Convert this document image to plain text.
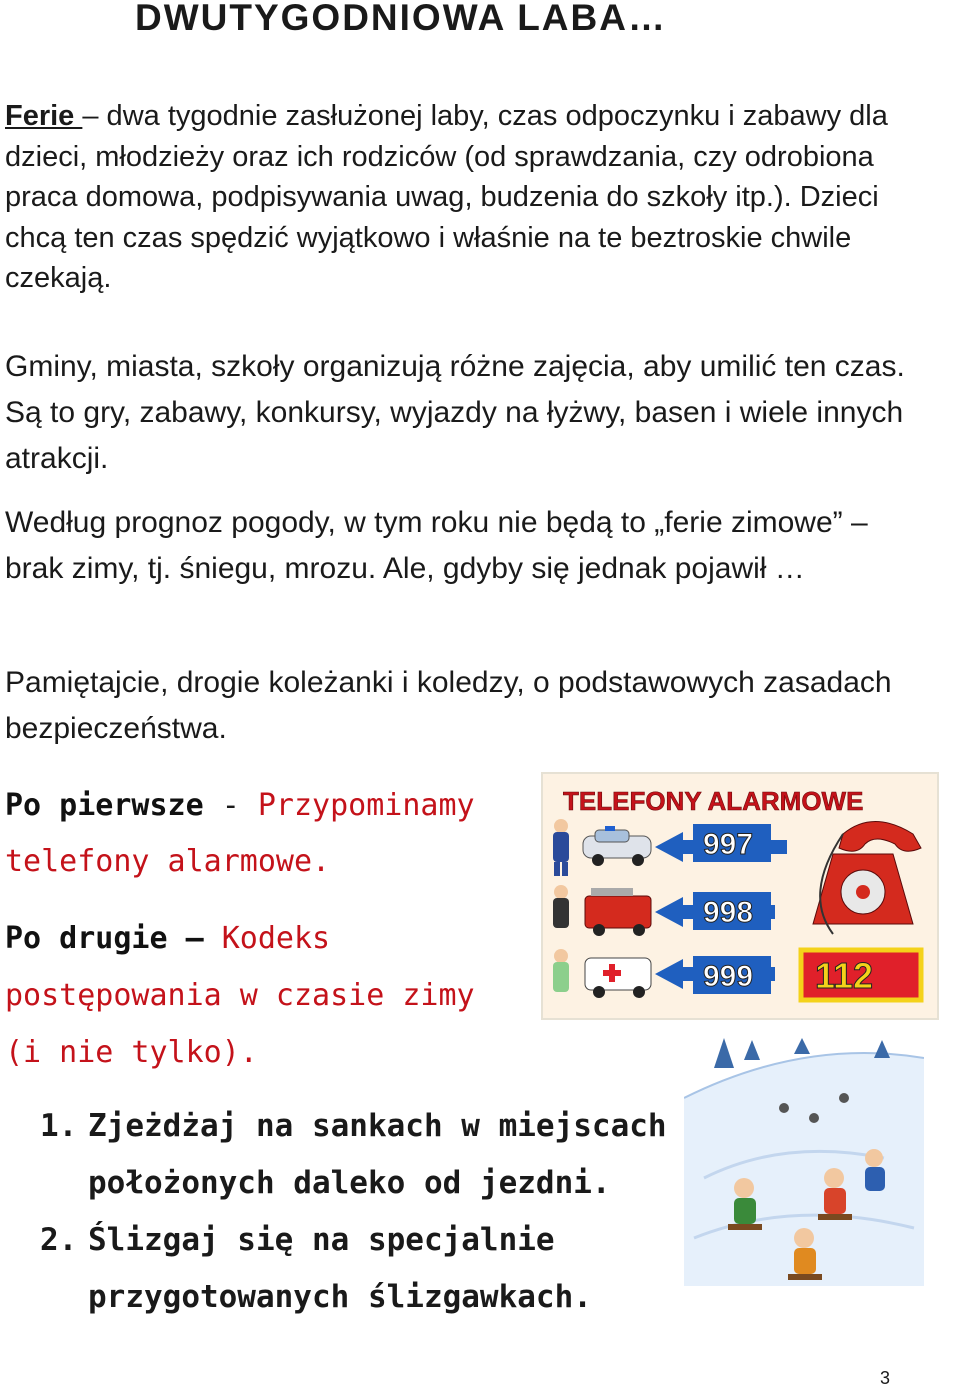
DWUTYGODNIOWA LABA…
Ferie – dwa tygodnie zasłużonej laby, czas odpoczynku i zabawy dla dzieci, młodzieży oraz ich rodziców (od sprawdzania, czy odrobiona praca domowa, podpisywania uwag, budzenia do szkoły itp.). Dzieci chcą ten czas spędzić wyjątkowo i właśnie na te beztroskie chwile czekają.
Gminy, miasta, szkoły organizują różne zajęcia, aby umilić ten czas. Są to gry, zabawy, konkursy, wyjazdy na łyżwy, basen i wiele innych atrakcji.
Według prognoz pogody, w tym roku nie będą to „ferie zimowe” – brak zimy, tj. śniegu, mrozu. Ale, gdyby się jednak pojawił …
Pamiętajcie, drogie koleżanki i koledzy, o podstawowych zasadach bezpieczeństwa.
Po pierwsze - Przypominamy telefony alarmowe.
Po drugie – Kodeks postępowania w czasie zimy (i nie tylko).
1. Zjeżdżaj na sankach w miejscach położonych daleko od jezdni.
2. Ślizgaj się na specjalnie przygotowanych ślizgawkach.
TELEFONY ALARMOWE
997
998
999 112
3
